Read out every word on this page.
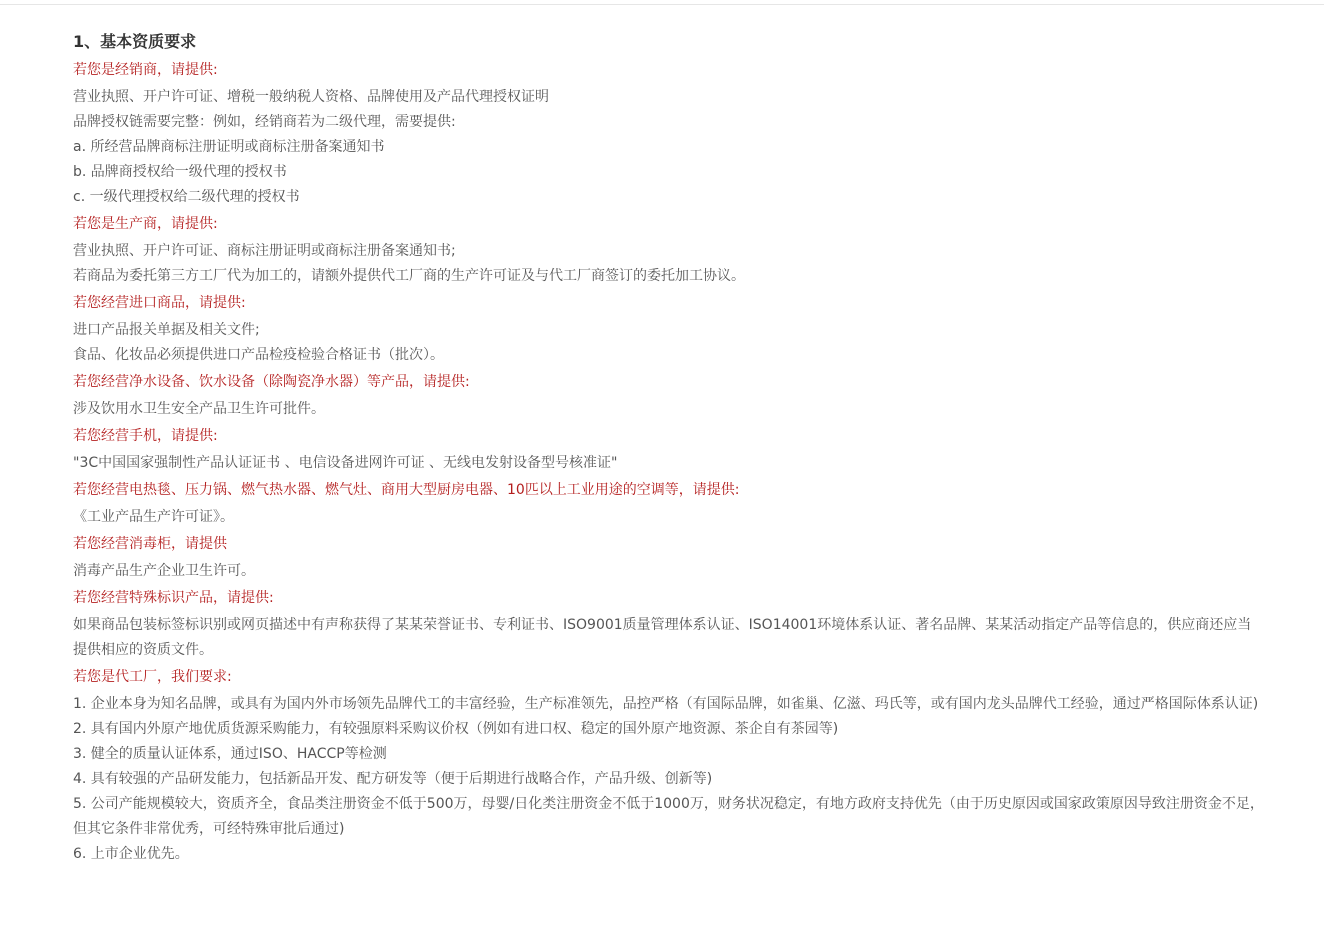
1、基本资质要求
若您是经销商，请提供:
营业执照、开户许可证、增税一般纳税人资格、品牌使用及产品代理授权证明
品牌授权链需要完整：例如，经销商若为二级代理，需要提供:
a. 所经营品牌商标注册证明或商标注册备案通知书
b. 品牌商授权给一级代理的授权书
c. 一级代理授权给二级代理的授权书
若您是生产商，请提供:
营业执照、开户许可证、商标注册证明或商标注册备案通知书;
若商品为委托第三方工厂代为加工的，请额外提供代工厂商的生产许可证及与代工厂商签订的委托加工协议。
若您经营进口商品，请提供:
进口产品报关单据及相关文件;
食品、化妆品必须提供进口产品检疫检验合格证书（批次）。
若您经营净水设备、饮水设备（除陶瓷净水器）等产品，请提供:
涉及饮用水卫生安全产品卫生许可批件。
若您经营手机，请提供:
"3C中国国家强制性产品认证证书 、电信设备进网许可证 、无线电发射设备型号核准证"
若您经营电热毯、压力锅、燃气热水器、燃气灶、商用大型厨房电器、10匹以上工业用途的空调等，请提供:
《工业产品生产许可证》。
若您经营消毒柜，请提供
消毒产品生产企业卫生许可。
若您经营特殊标识产品，请提供:
如果商品包装标签标识别或网页描述中有声称获得了某某荣誉证书、专利证书、ISO9001质量管理体系认证、ISO14001环境体系认证、著名品牌、某某活动指定产品等信息的，供应商还应当提供相应的资质文件。
若您是代工厂，我们要求:
1. 企业本身为知名品牌，或具有为国内外市场领先品牌代工的丰富经验，生产标准领先，品控严格（有国际品牌，如雀巢、亿滋、玛氏等，或有国内龙头品牌代工经验，通过严格国际体系认证)
2. 具有国内外原产地优质货源采购能力，有较强原料采购议价权（例如有进口权、稳定的国外原产地资源、茶企自有茶园等)
3. 健全的质量认证体系，通过ISO、HACCP等检测
4. 具有较强的产品研发能力，包括新品开发、配方研发等（便于后期进行战略合作，产品升级、创新等)
5. 公司产能规模较大，资质齐全，食品类注册资金不低于500万，母婴/日化类注册资金不低于1000万，财务状况稳定，有地方政府支持优先（由于历史原因或国家政策原因导致注册资金不足，但其它条件非常优秀，可经特殊审批后通过)
6. 上市企业优先。
